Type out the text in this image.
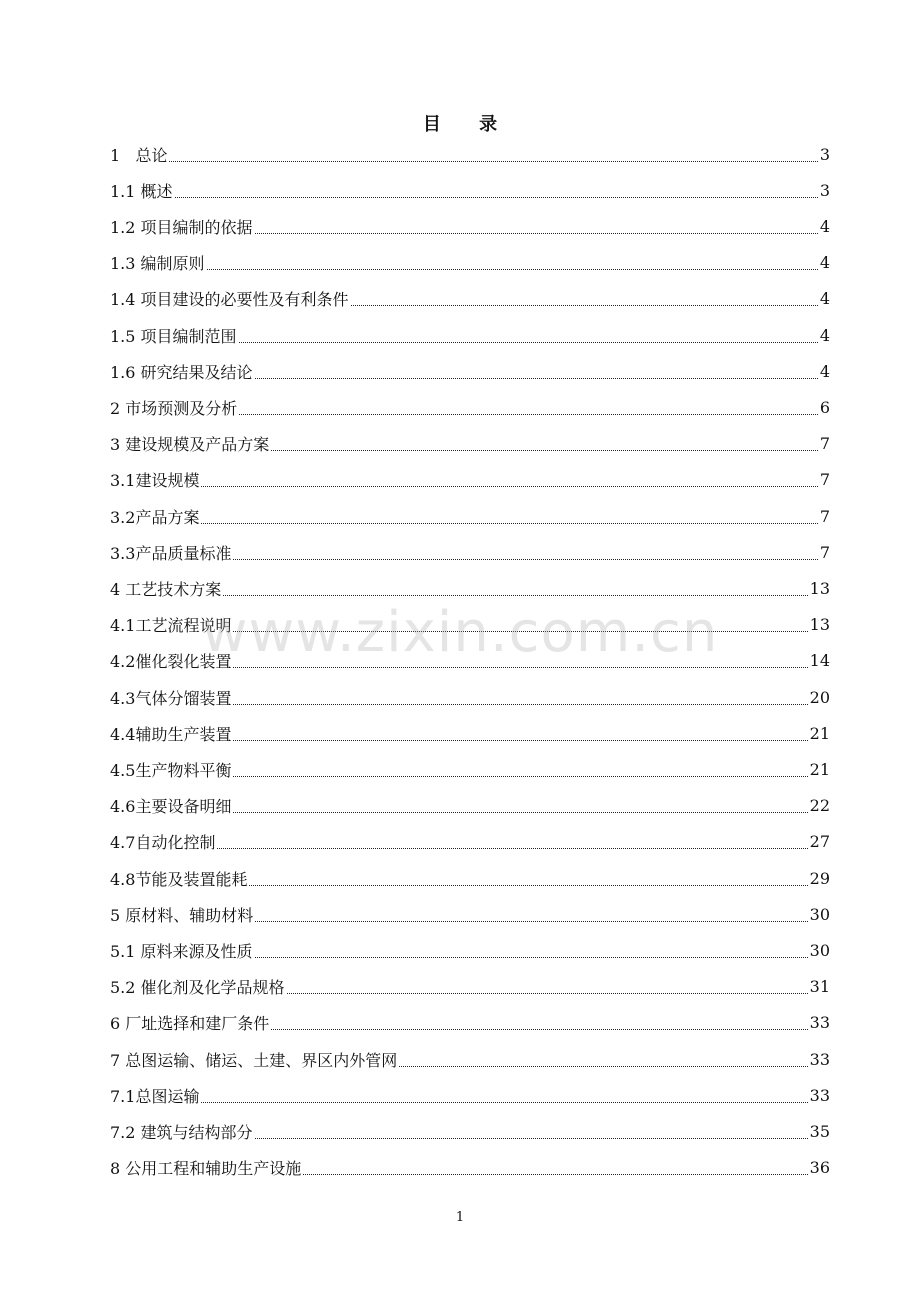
目 录
1   总论	3
1.1 概述	3
1.2 项目编制的依据	4
1.3 编制原则	4
1.4 项目建设的必要性及有利条件	4
1.5 项目编制范围	4
1.6 研究结果及结论	4
2 市场预测及分析	6
3 建设规模及产品方案	7
3.1建设规模	7
3.2产品方案	7
3.3产品质量标准	7
4 工艺技术方案	13
4.1工艺流程说明	13
4.2催化裂化装置	14
4.3气体分馏装置	20
4.4辅助生产装置	21
4.5生产物料平衡	21
4.6主要设备明细	22
4.7自动化控制	27
4.8节能及装置能耗	29
5 原材料、辅助材料	30
5.1 原料来源及性质	30
5.2 催化剂及化学品规格	31
6 厂址选择和建厂条件	33
7 总图运输、储运、土建、界区内外管网	33
7.1总图运输	33
7.2 建筑与结构部分	35
8 公用工程和辅助生产设施	36
www.zixin.com.cn
1
